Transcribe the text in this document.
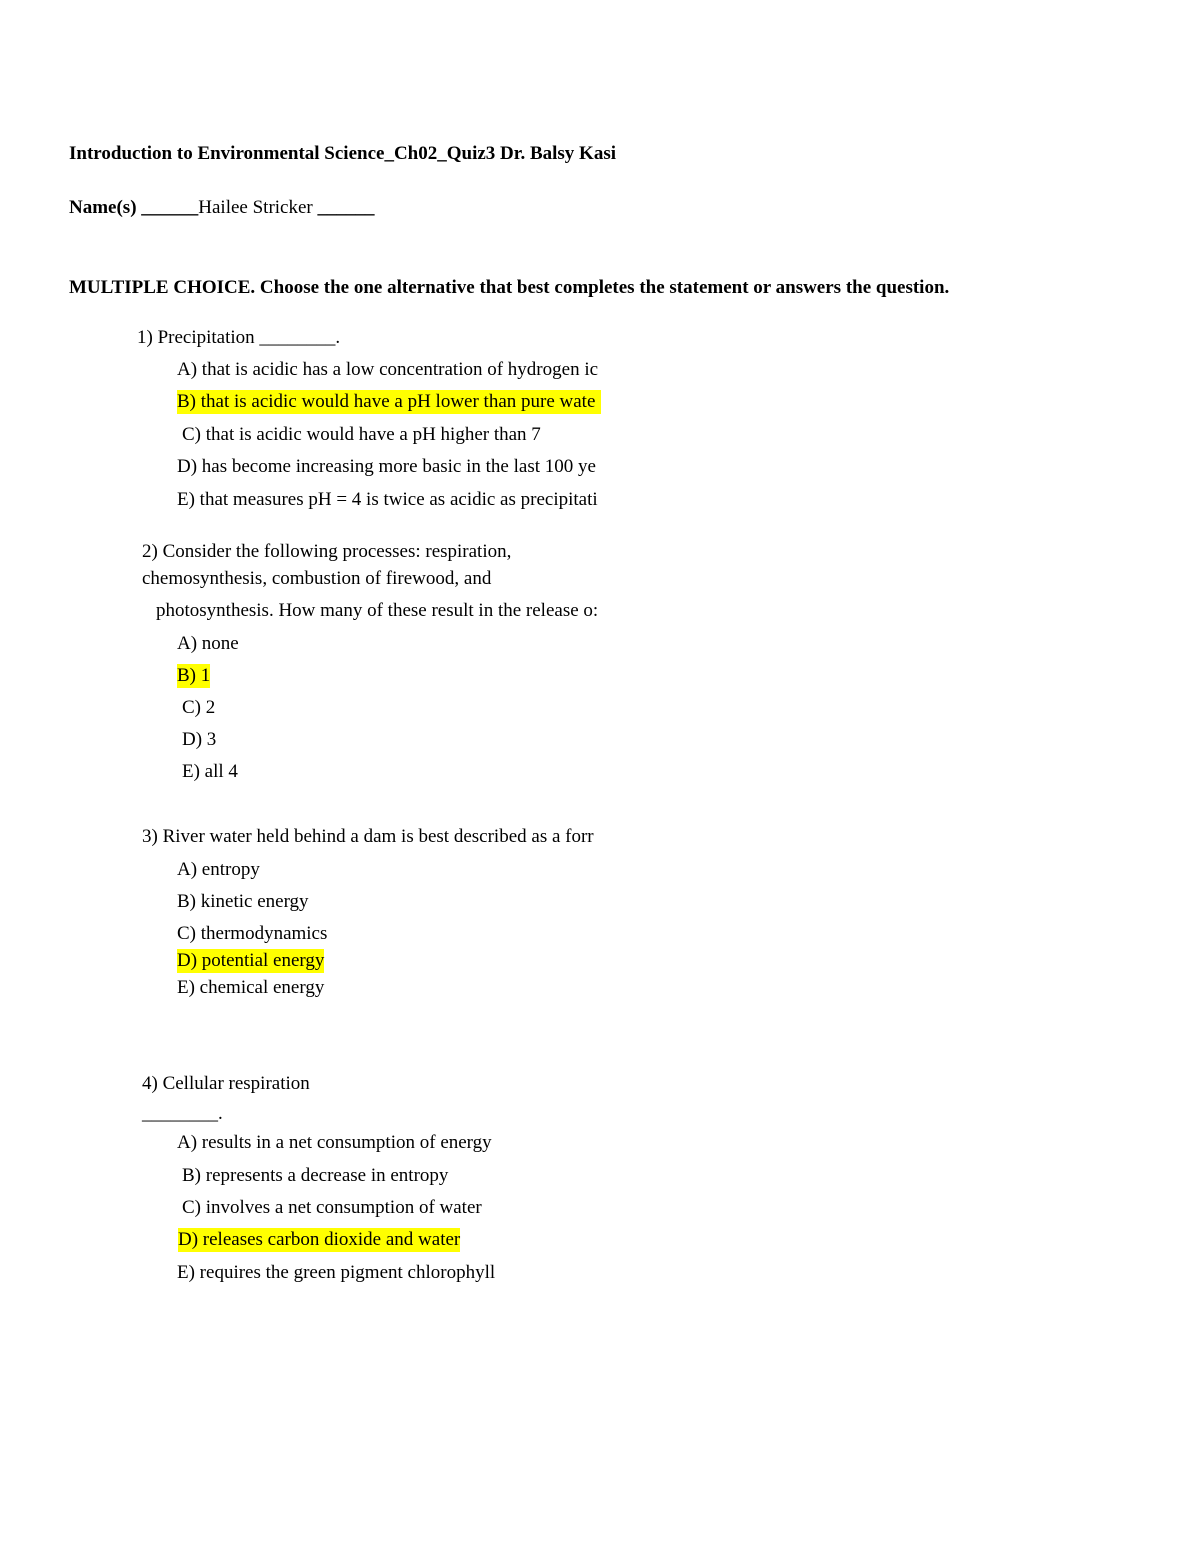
Introduction to Environmental Science_Ch02_Quiz3 Dr. Balsy Kasi
Name(s) ______Hailee Stricker ______
MULTIPLE CHOICE. Choose the one alternative that best completes the statement or answers the question.
1) Precipitation ________.
A) that is acidic has a low concentration of hydrogen ic
B) that is acidic would have a pH lower than pure wate
C) that is acidic would have a pH higher than 7
D) has become increasing more basic in the last 100 ye
E) that measures pH = 4 is twice as acidic as precipitati
2) Consider the following processes: respiration,
chemosynthesis, combustion of firewood, and
photosynthesis. How many of these result in the release o:
A) none
B) 1
C) 2
D) 3
E) all 4
3) River water held behind a dam is best described as a forr
A) entropy
B) kinetic energy
C) thermodynamics
D) potential energy
E) chemical energy
4) Cellular respiration
________.
A) results in a net consumption of energy
B) represents a decrease in entropy
C) involves a net consumption of water
D) releases carbon dioxide and water
E) requires the green pigment chlorophyll
